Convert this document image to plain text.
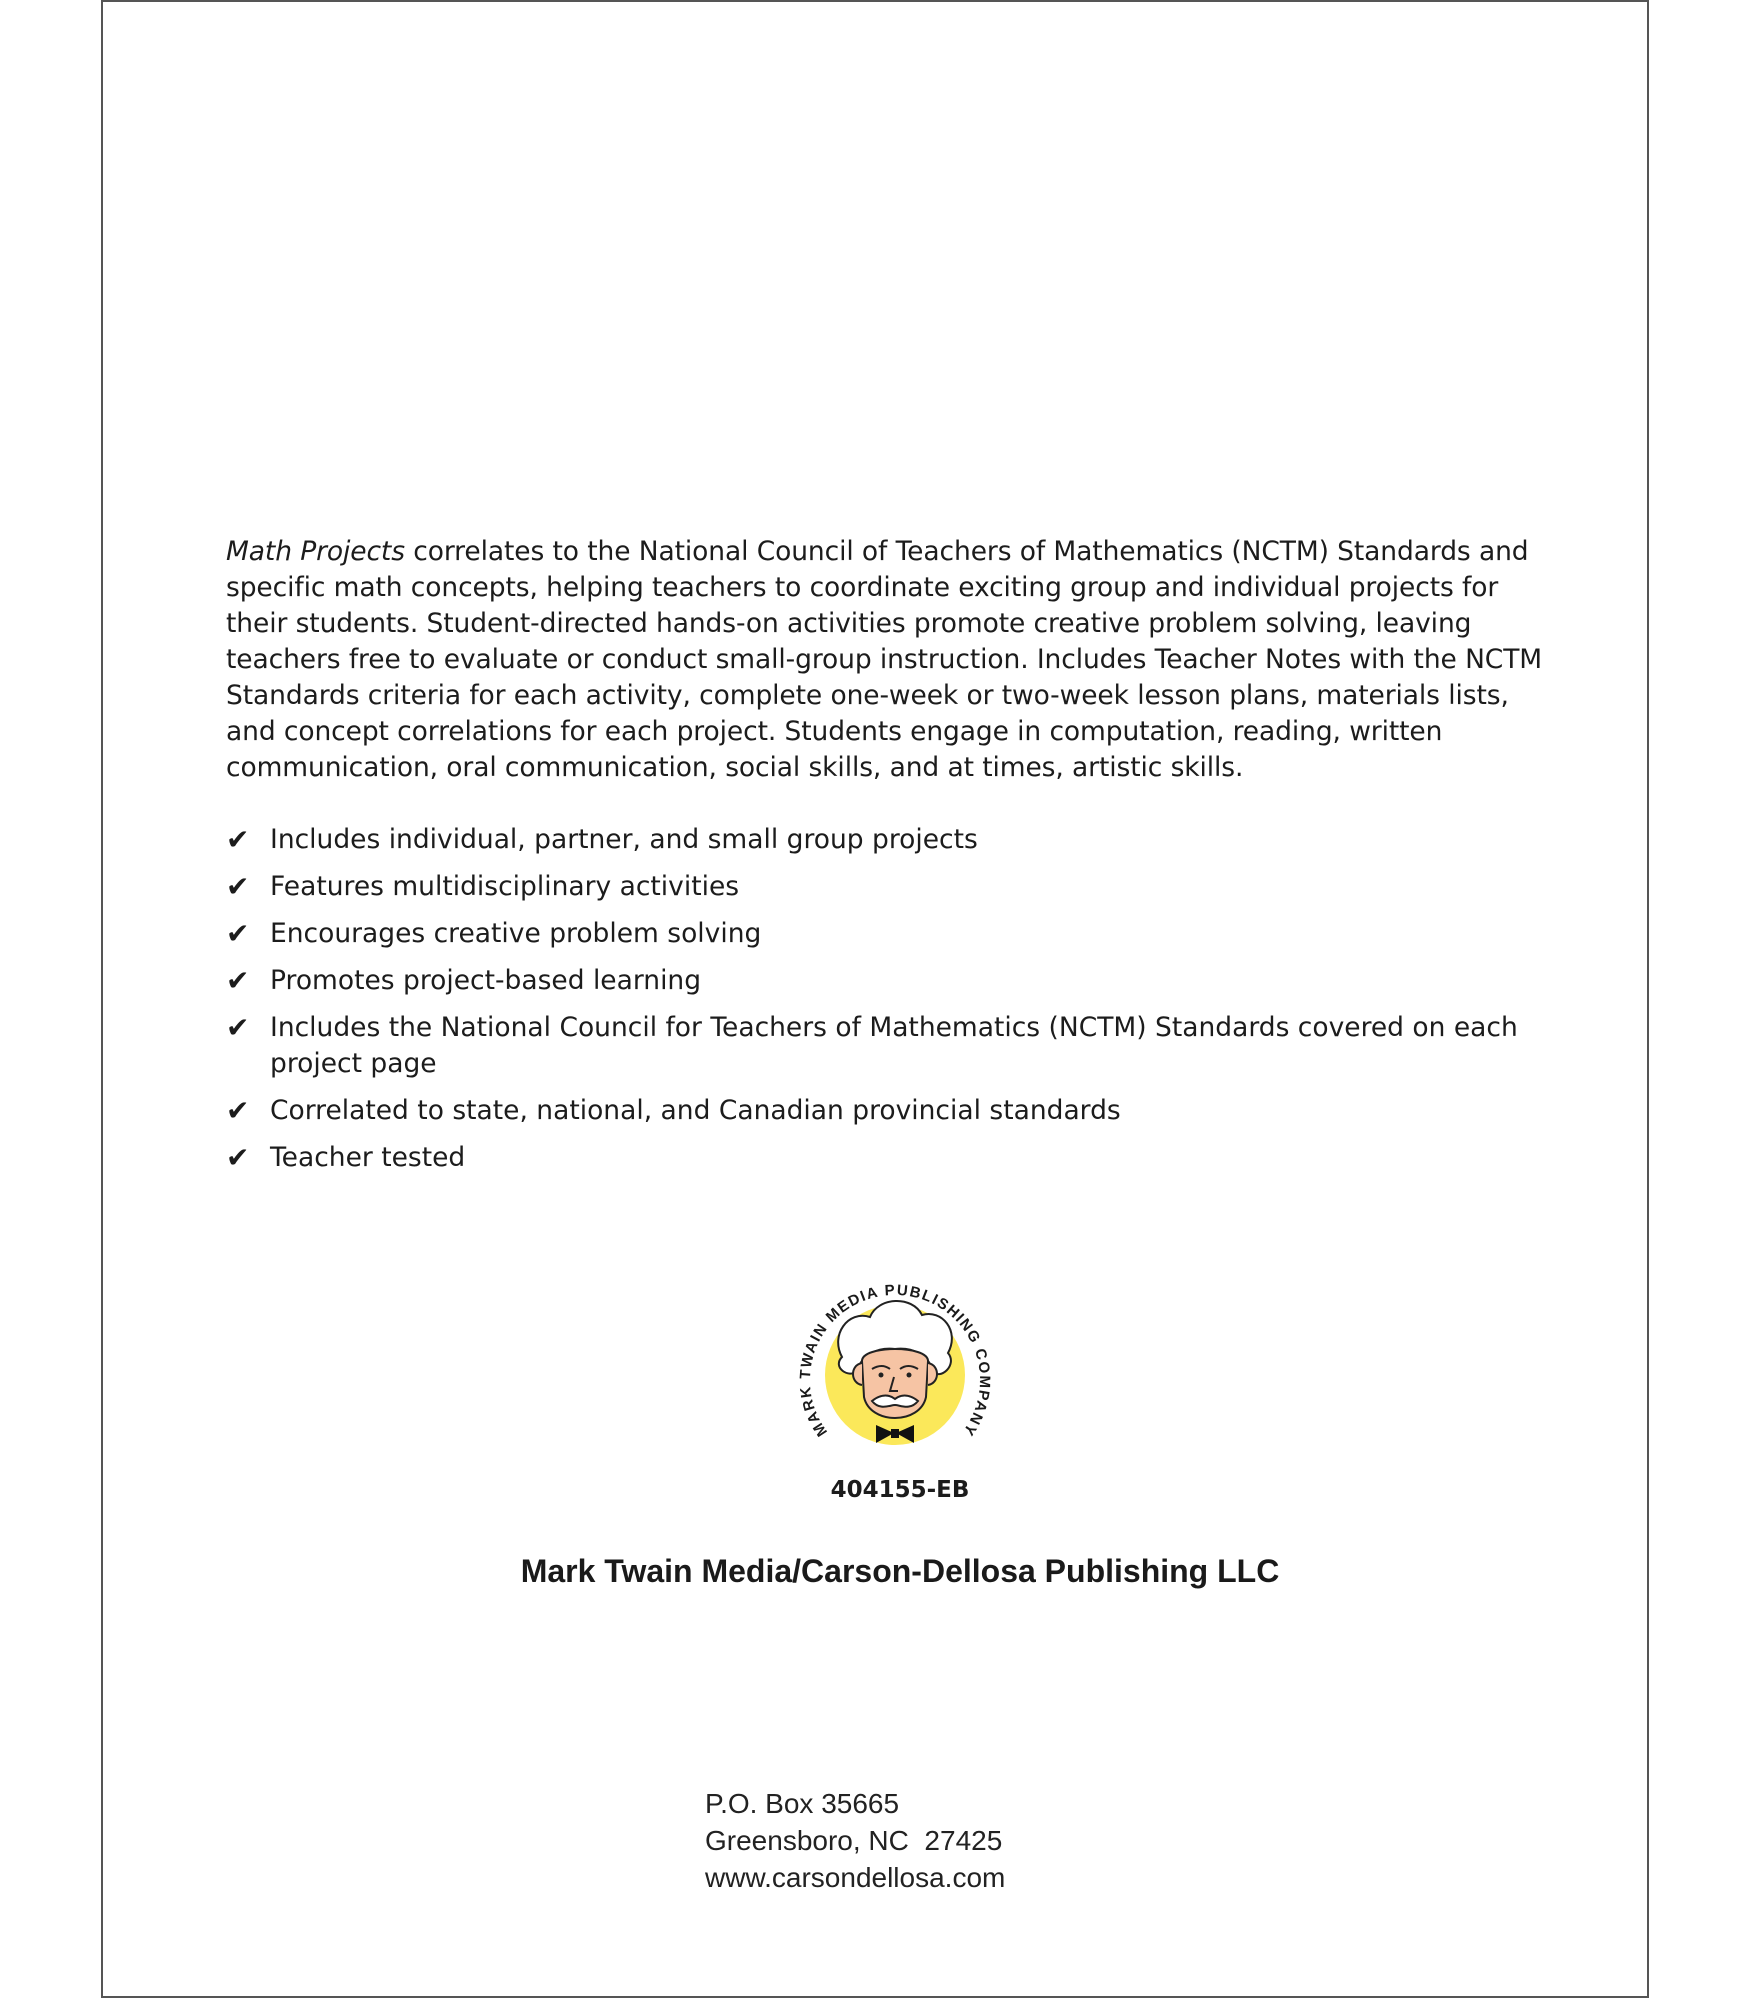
Math Projects correlates to the National Council of Teachers of Mathematics (NCTM) Standards and specific math concepts, helping teachers to coordinate exciting group and individual projects for their students. Student-directed hands-on activities promote creative problem solving, leaving teachers free to evaluate or conduct small-group instruction. Includes Teacher Notes with the NCTM Standards criteria for each activity, complete one-week or two-week lesson plans, materials lists, and concept correlations for each project. Students engage in computation, reading, written communication, oral communication, social skills, and at times, artistic skills.

✔ Includes individual, partner, and small group projects
✔ Features multidisciplinary activities
✔ Encourages creative problem solving
✔ Promotes project-based learning
✔ Includes the National Council for Teachers of Mathematics (NCTM) Standards covered on each project page
✔ Correlated to state, national, and Canadian provincial standards
✔ Teacher tested
MARK TWAIN MEDIA PUBLISHING COMPANY
404155-EB
Mark Twain Media/Carson-Dellosa Publishing LLC
P.O. Box 35665
Greensboro, NC  27425
www.carsondellosa.com
